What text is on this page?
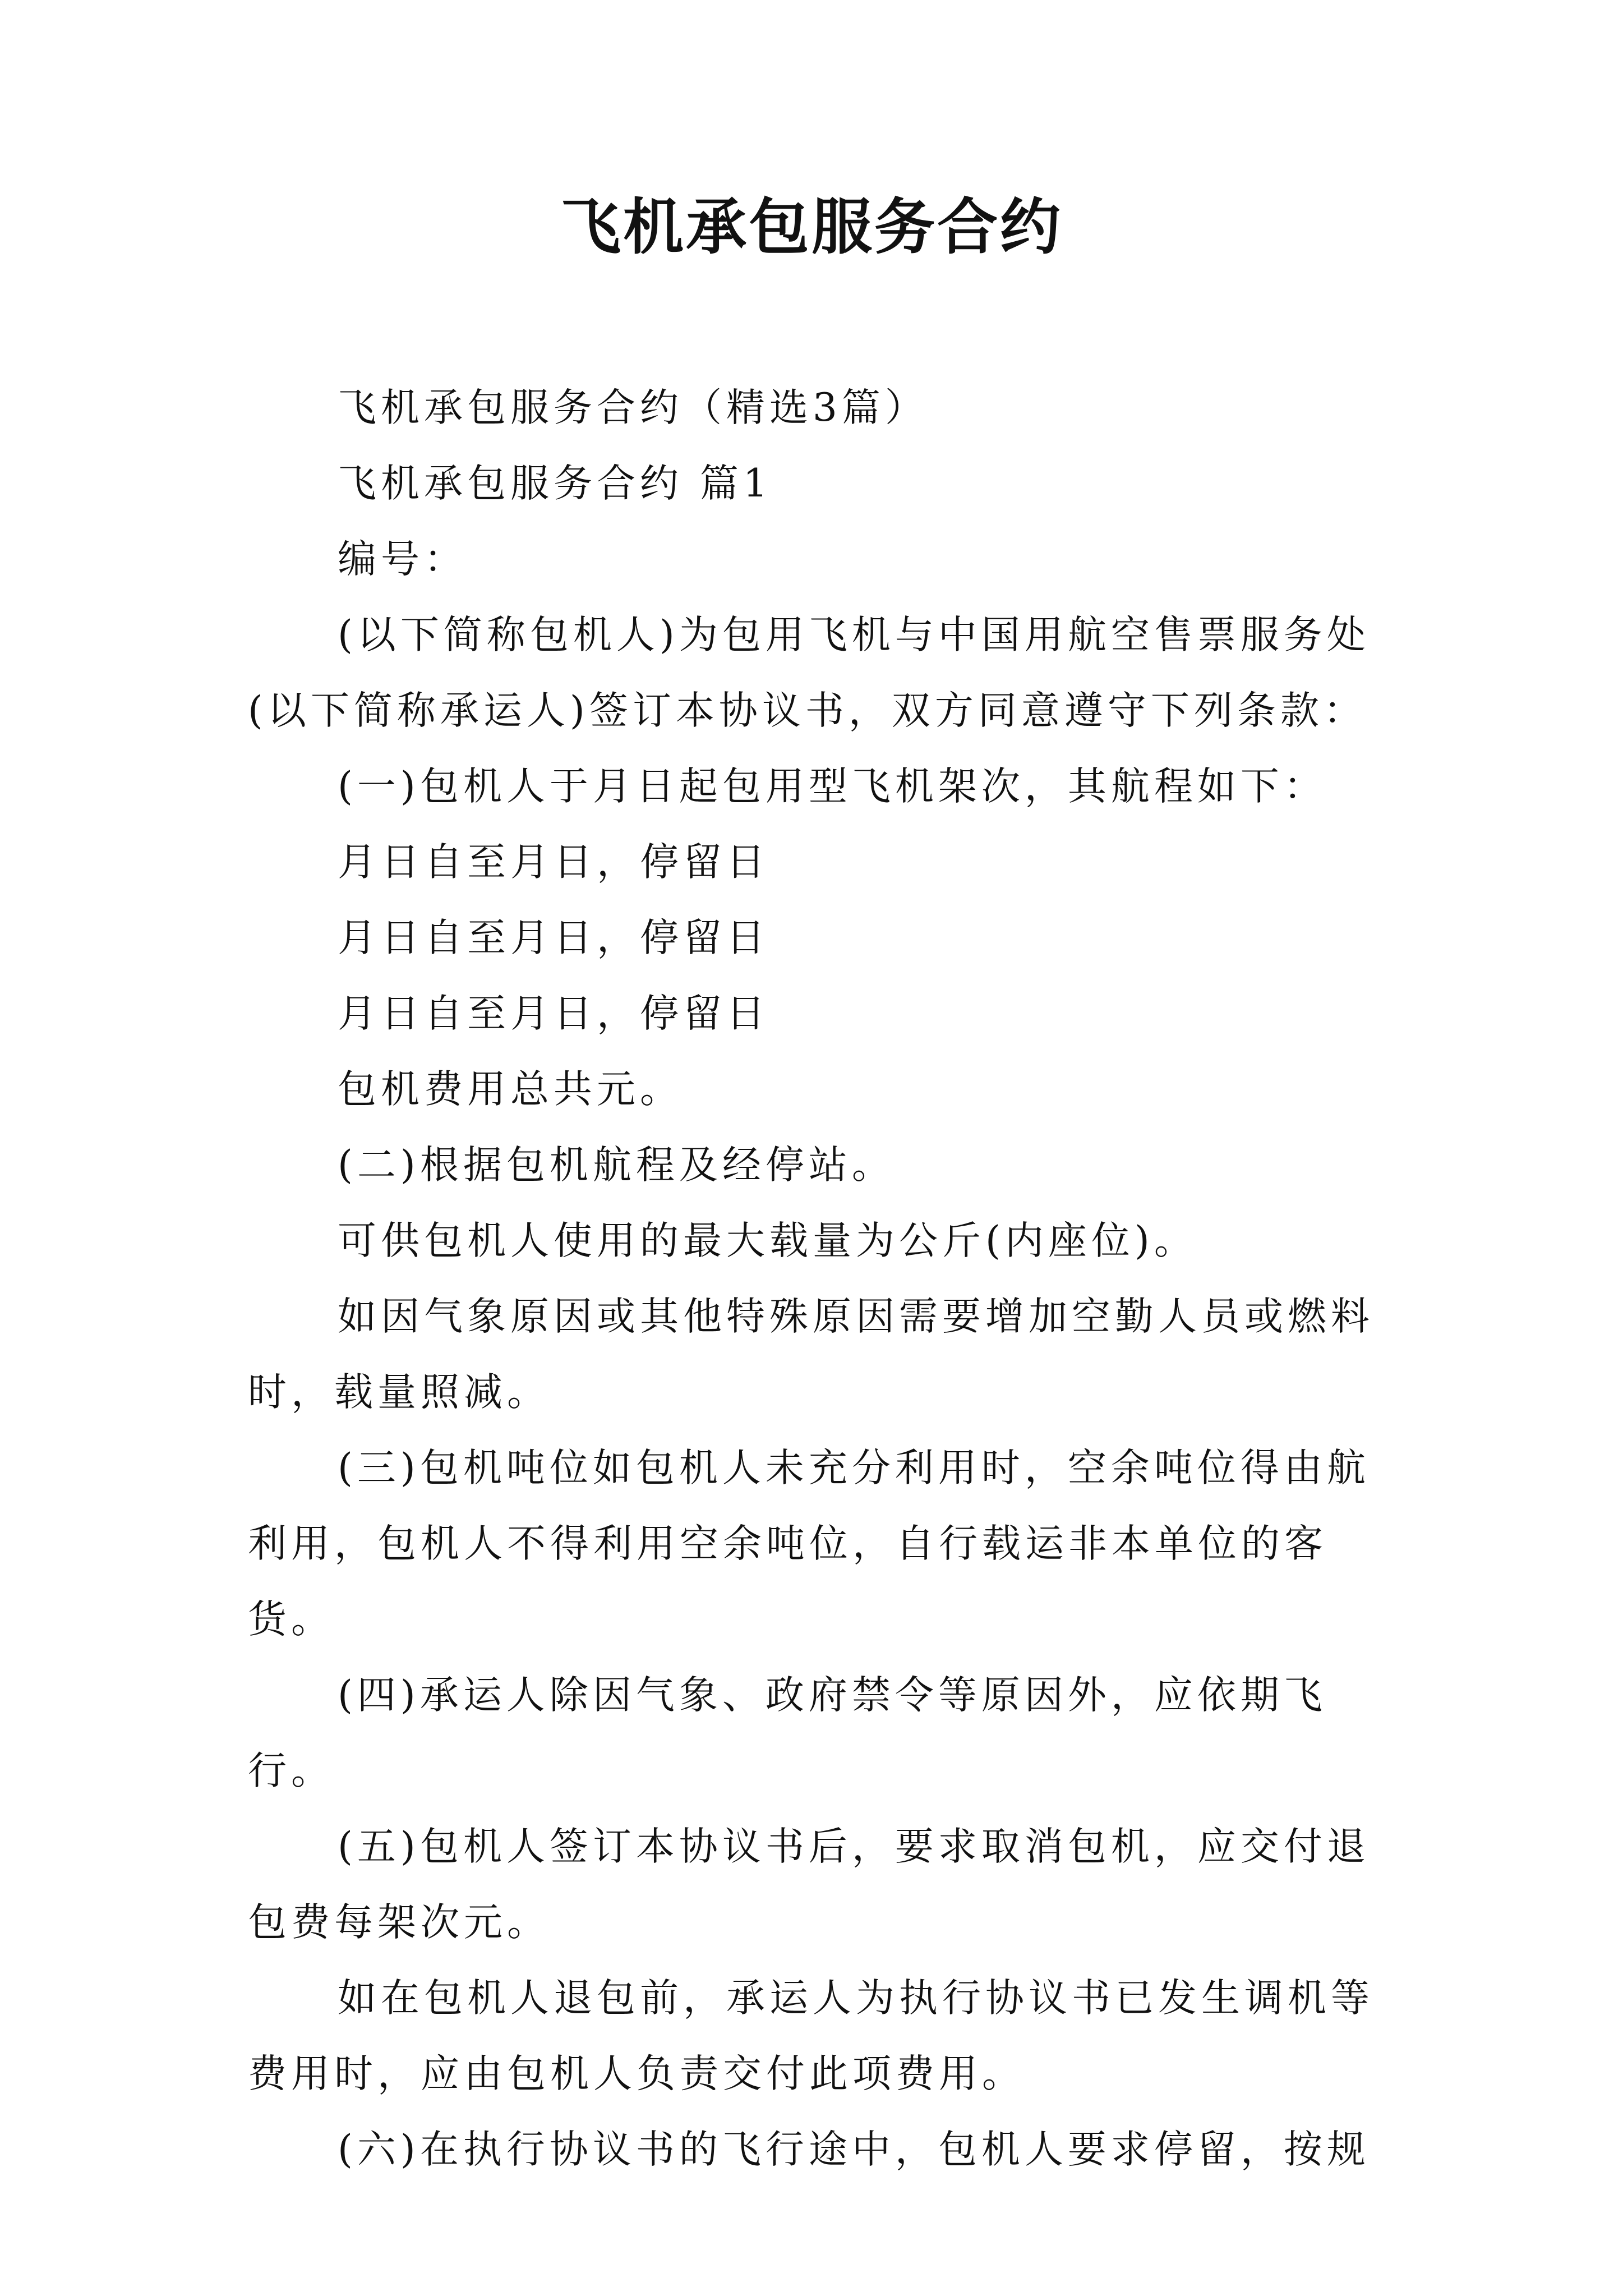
飞机承包服务合约

飞机承包服务合约（精选3篇）

飞机承包服务合约 篇1

编号：

(以下简称包机人)为包用飞机与中国用航空售票服务处(以下简称承运人)签订本协议书，双方同意遵守下列条款：

(一)包机人于月日起包用型飞机架次，其航程如下：

月日自至月日，停留日

月日自至月日，停留日

月日自至月日，停留日

包机费用总共元。

(二)根据包机航程及经停站。

可供包机人使用的最大载量为公斤(内座位)。

如因气象原因或其他特殊原因需要增加空勤人员或燃料时，载量照减。

(三)包机吨位如包机人未充分利用时，空余吨位得由航利用，包机人不得利用空余吨位，自行载运非本单位的客货。

(四)承运人除因气象、政府禁令等原因外，应依期飞行。

(五)包机人签订本协议书后，要求取消包机，应交付退包费每架次元。

如在包机人退包前，承运人为执行协议书已发生调机等费用时，应由包机人负责交付此项费用。

(六)在执行协议书的飞行途中，包机人要求停留，按规
